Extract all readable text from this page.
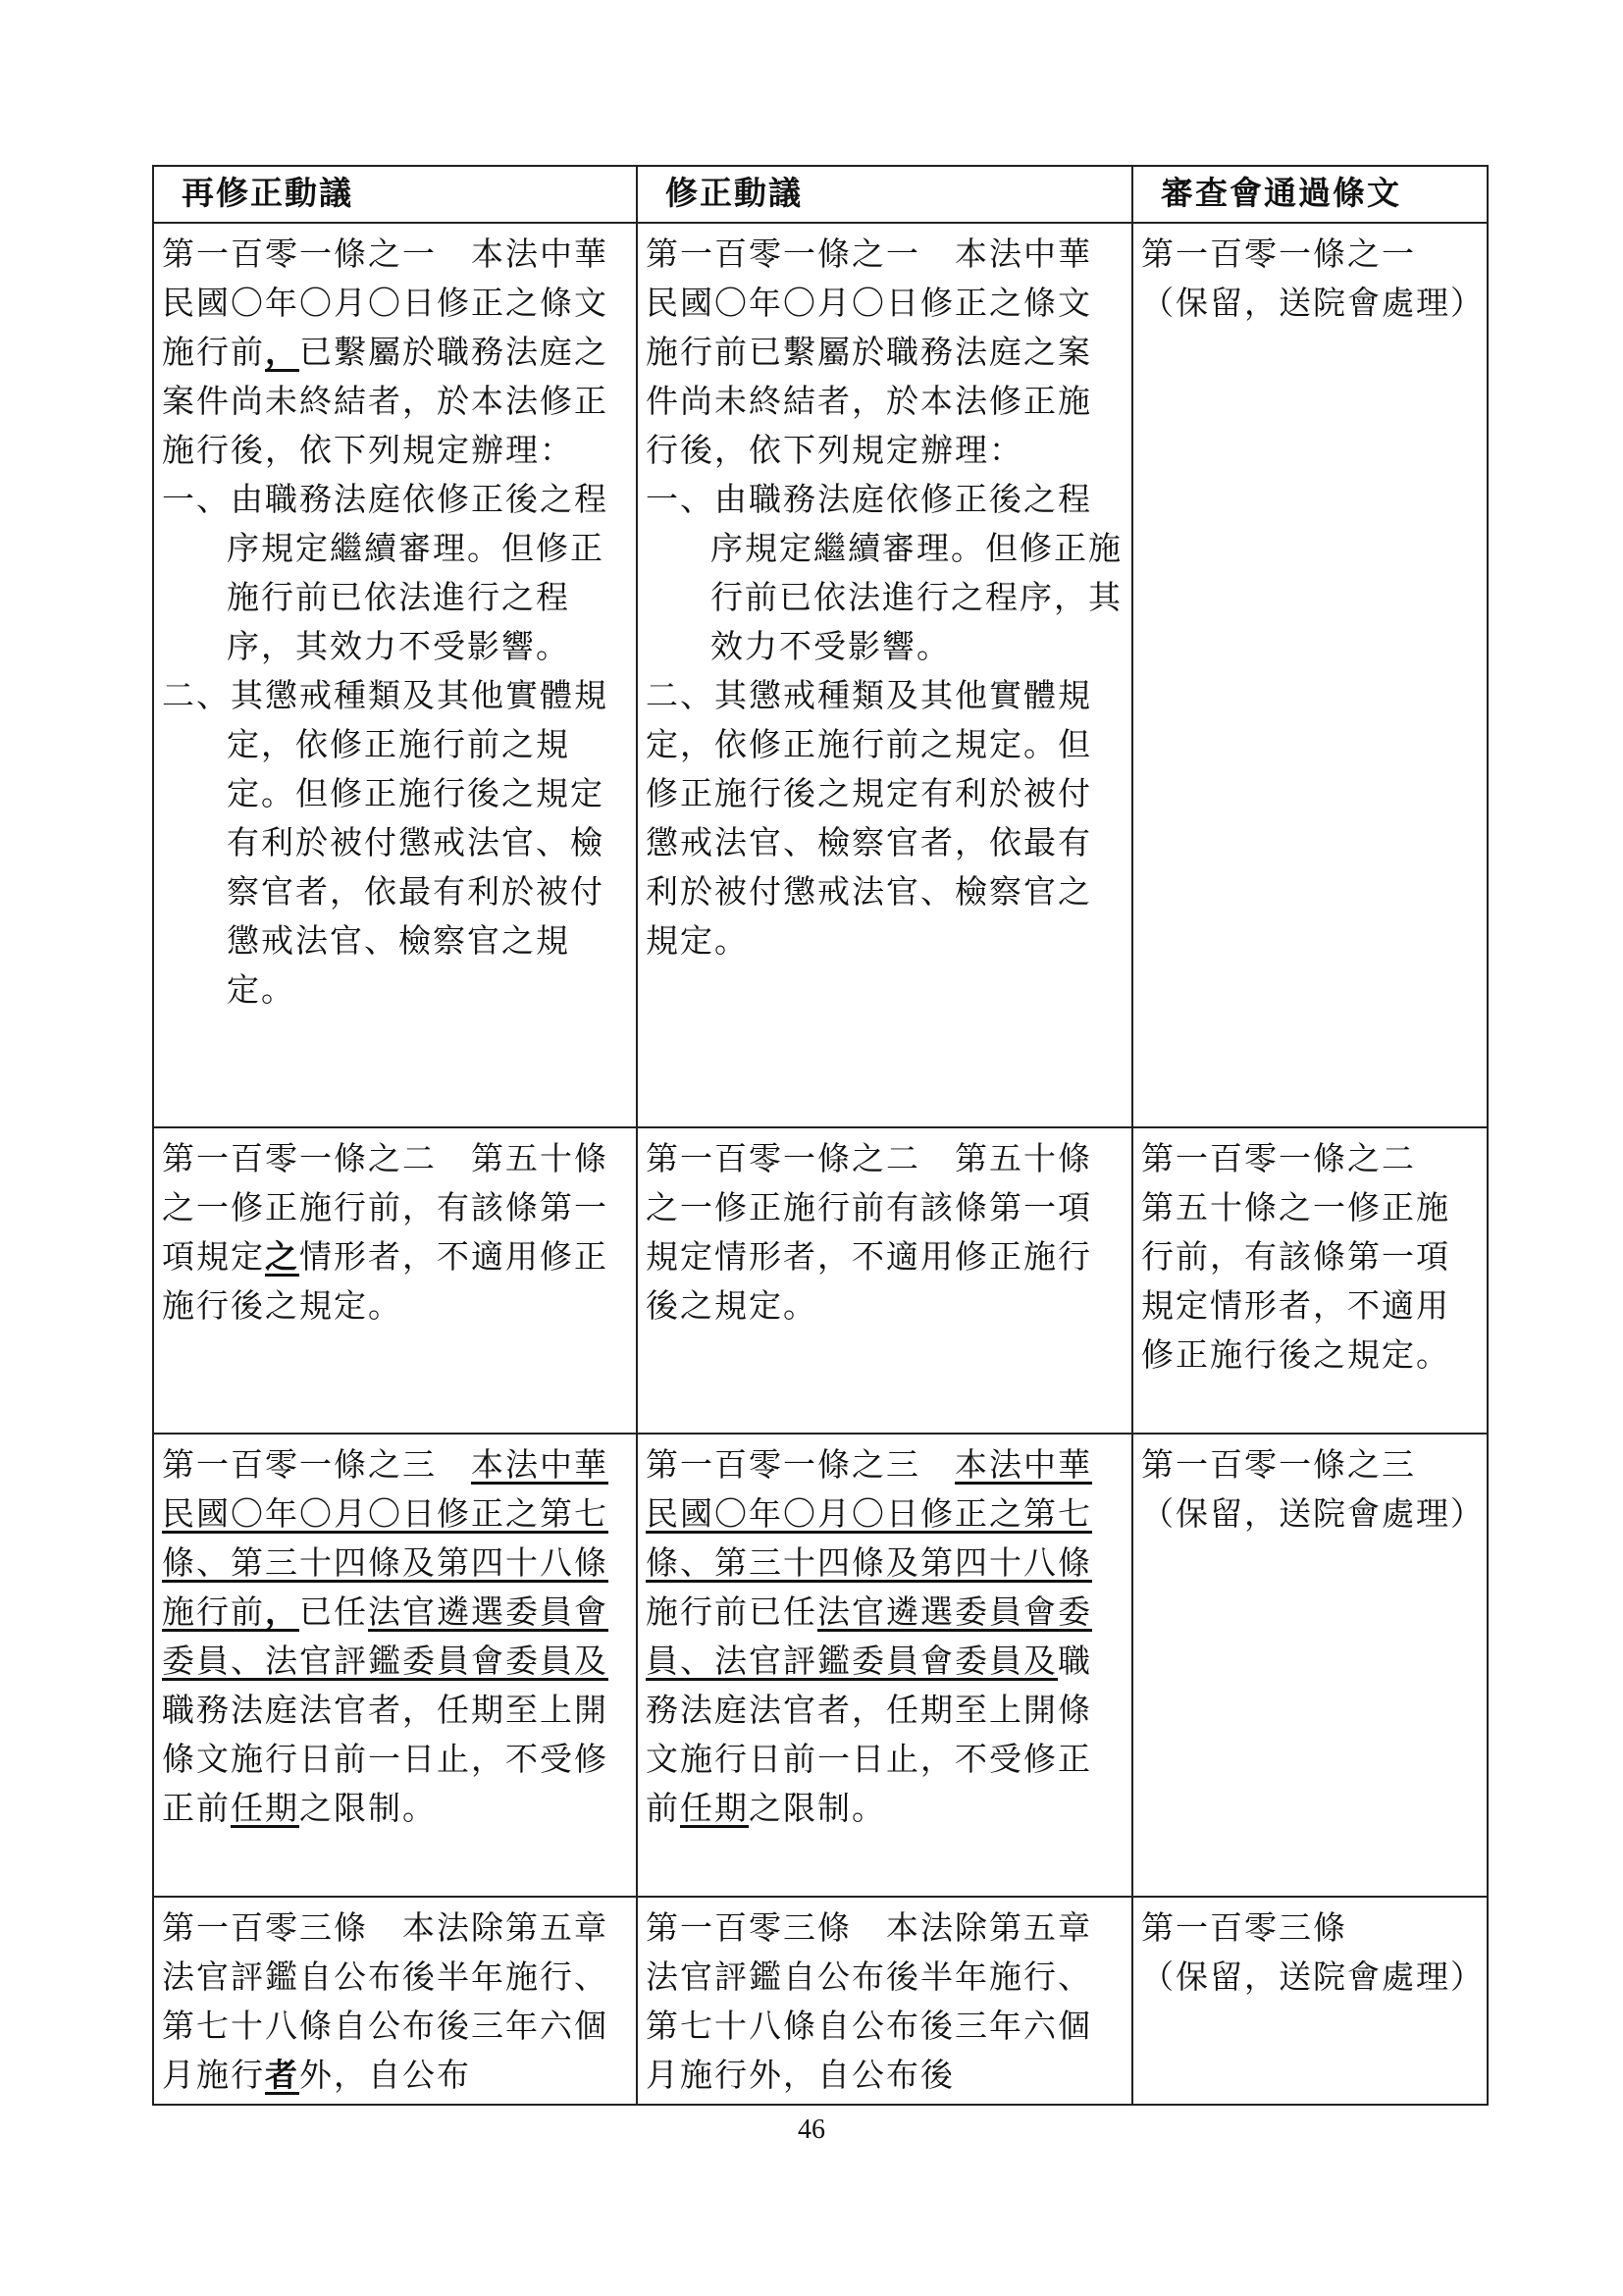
再修正動議	修正動議	審查會通過條文

第一百零一條之一　本法中華民國〇年〇月〇日修正之條文施行前，已繫屬於職務法庭之案件尚未終結者，於本法修正施行後，依下列規定辦理：
一、由職務法庭依修正後之程序規定繼續審理。但修正施行前已依法進行之程序，其效力不受影響。
二、其懲戒種類及其他實體規定，依修正施行前之規定。但修正施行後之規定有利於被付懲戒法官、檢察官者，依最有利於被付懲戒法官、檢察官之規定。	第一百零一條之一　本法中華民國〇年〇月〇日修正之條文施行前已繫屬於職務法庭之案件尚未終結者，於本法修正施行後，依下列規定辦理：
一、由職務法庭依修正後之程序規定繼續審理。但修正施行前已依法進行之程序，其效力不受影響。
二、其懲戒種類及其他實體規定，依修正施行前之規定。但修正施行後之規定有利於被付懲戒法官、檢察官者，依最有利於被付懲戒法官、檢察官之規定。	第一百零一條之一
（保留，送院會處理）

第一百零一條之二　第五十條之一修正施行前，有該條第一項規定之情形者，不適用修正施行後之規定。	第一百零一條之二　第五十條之一修正施行前有該條第一項規定情形者，不適用修正施行後之規定。	第一百零一條之二　第五十條之一修正施行前，有該條第一項規定情形者，不適用修正施行後之規定。

第一百零一條之三　本法中華民國〇年〇月〇日修正之第七條、第三十四條及第四十八條施行前，已任法官遴選委員會委員、法官評鑑委員會委員及職務法庭法官者，任期至上開條文施行日前一日止，不受修正前任期之限制。	第一百零一條之三　本法中華民國〇年〇月〇日修正之第七條、第三十四條及第四十八條施行前已任法官遴選委員會委員、法官評鑑委員會委員及職務法庭法官者，任期至上開條文施行日前一日止，不受修正前任期之限制。	第一百零一條之三
（保留，送院會處理）

第一百零三條　本法除第五章法官評鑑自公布後半年施行、第七十八條自公布後三年六個月施行者外，自公布	第一百零三條　本法除第五章法官評鑑自公布後半年施行、第七十八條自公布後三年六個月施行外，自公布後	第一百零三條
（保留，送院會處理）
46
